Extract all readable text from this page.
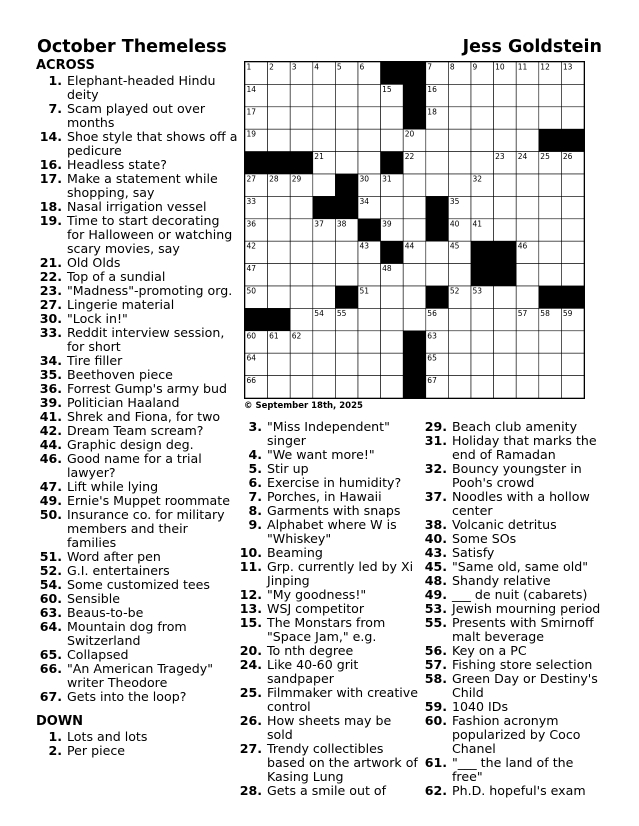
October Themeless	Jess Goldstein
ACROSS
1. Elephant-headed Hindu deity
7. Scam played out over months
14. Shoe style that shows off a pedicure
16. Headless state?
17. Make a statement while shopping, say
18. Nasal irrigation vessel
19. Time to start decorating for Halloween or watching scary movies, say
21. Old Olds
22. Top of a sundial
23. "Madness"-promoting org.
27. Lingerie material
30. "Lock in!"
33. Reddit interview session, for short
34. Tire filler
35. Beethoven piece
36. Forrest Gump's army bud
39. Politician Haaland
41. Shrek and Fiona, for two
42. Dream Team scream?
44. Graphic design deg.
46. Good name for a trial lawyer?
47. Lift while lying
49. Ernie's Muppet roommate
50. Insurance co. for military members and their families
51. Word after pen
52. G.I. entertainers
54. Some customized tees
60. Sensible
63. Beaus-to-be
64. Mountain dog from Switzerland
65. Collapsed
66. "An American Tragedy" writer Theodore
67. Gets into the loop?
DOWN
1. Lots and lots
2. Per piece
1 2 3 4 5 6	7 8 9 10 11 12 13
14	15	16
17	18
19	20
21	22	23 24 25 26
27 28 29	30 31	32
33	34	35
36	37 38	39	40 41
42	43	44	45	46
47	48	49
50	51	52 53
54 55	56	57 58 59
60 61 62	63
64	65
66	67
© September 18th, 2025
3. "Miss Independent" singer
4. "We want more!"
5. Stir up
6. Exercise in humidity?
7. Porches, in Hawaii
8. Garments with snaps
9. Alphabet where W is "Whiskey"
10. Beaming
11. Grp. currently led by Xi Jinping
12. "My goodness!"
13. WSJ competitor
15. The Monstars from "Space Jam," e.g.
20. To nth degree
24. Like 40-60 grit sandpaper
25. Filmmaker with creative control
26. How sheets may be sold
27. Trendy collectibles based on the artwork of Kasing Lung
28. Gets a smile out of
29. Beach club amenity
31. Holiday that marks the end of Ramadan
32. Bouncy youngster in Pooh's crowd
37. Noodles with a hollow center
38. Volcanic detritus
40. Some SOs
43. Satisfy
45. "Same old, same old"
48. Shandy relative
49. ___ de nuit (cabarets)
53. Jewish mourning period
55. Presents with Smirnoff malt beverage
56. Key on a PC
57. Fishing store selection
58. Green Day or Destiny's Child
59. 1040 IDs
60. Fashion acronym popularized by Coco Chanel
61. "___ the land of the free"
62. Ph.D. hopeful's exam
